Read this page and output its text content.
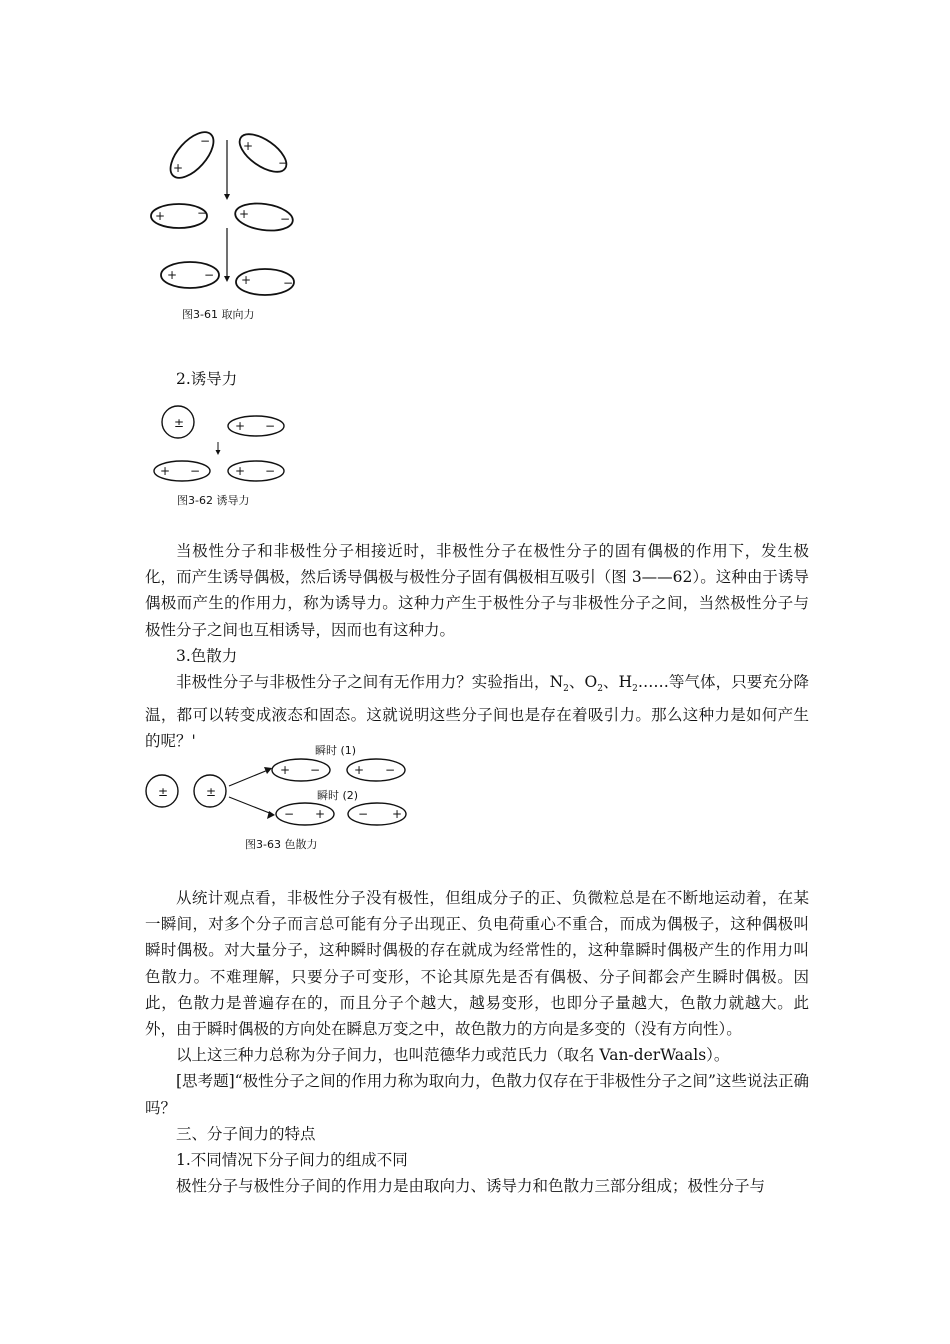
−
+
+
−
+	−	+	−
+ − +	−
图3-61 取向力
2.诱导力
±	+ −
+ −	+ −
图3-62 诱导力

当极性分子和非极性分子相接近时，非极性分子在极性分子的固有偶极的作用下，发生极化，而产生诱导偶极，然后诱导偶极与极性分子固有偶极相互吸引（图 3——62）。这种由于诱导偶极而产生的作用力，称为诱导力。这种力产生于极性分子与非极性分子之间，当然极性分子与极性分子之间也互相诱导，因而也有这种力。

3.色散力

非极性分子与非极性分子之间有无作用力？实验指出，$N_2$、$O_2$、$H_2\dots\dots$等气体，只要充分降温，都可以转变成液态和固态。这就说明这些分子间也是存在着吸引力。那么这种力是如何产生的呢？'

±	±
+ −	+ −
− +	− +
瞬时 (1)
瞬时 (2)
图3-63 色散力

从统计观点看，非极性分子没有极性，但组成分子的正、负微粒总是在不断地运动着，在某一瞬间，对多个分子而言总可能有分子出现正、负电荷重心不重合，而成为偶极子，这种偶极叫瞬时偶极。对大量分子，这种瞬时偶极的存在就成为经常性的，这种靠瞬时偶极产生的作用力叫色散力。不难理解，只要分子可变形，不论其原先是否有偶极、分子间都会产生瞬时偶极。因此，色散力是普遍存在的，而且分子个越大，越易变形，也即分子量越大，色散力就越大。此外，由于瞬时偶极的方向处在瞬息万变之中，故色散力的方向是多变的（没有方向性）。

以上这三种力总称为分子间力，也叫范德华力或范氏力（取名 Van-derWaals）。

[思考题]“极性分子之间的作用力称为取向力，色散力仅存在于非极性分子之间”这些说法正确吗？

三、分子间力的特点

1.不同情况下分子间力的组成不同

极性分子与极性分子间的作用力是由取向力、诱导力和色散力三部分组成；极性分子与
